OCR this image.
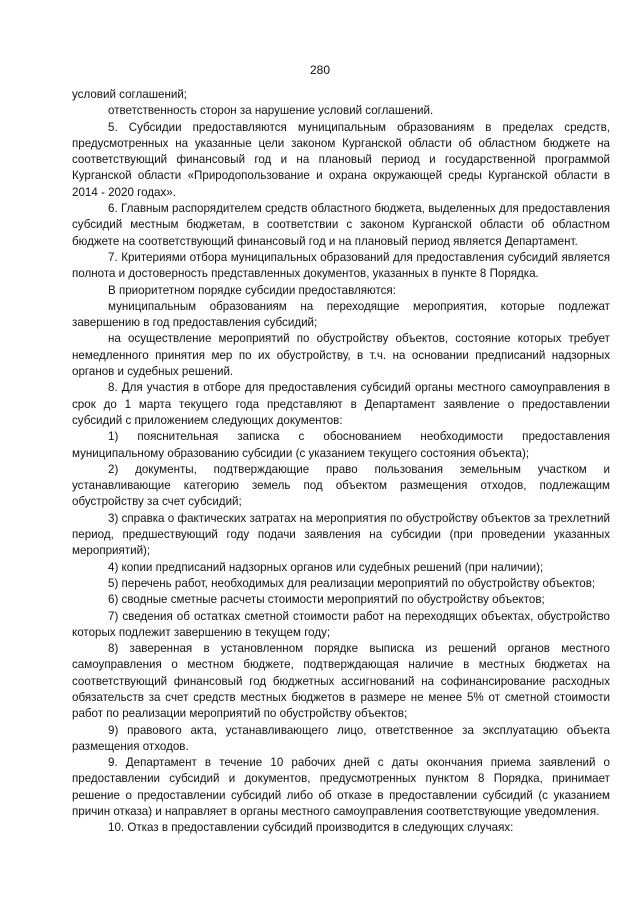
280

условий соглашений;

ответственность сторон за нарушение условий соглашений.

5. Субсидии предоставляются муниципальным образованиям в пределах средств, предусмотренных на указанные цели законом Курганской области об областном бюджете на соответствующий финансовый год и на плановый период и государственной программой Курганской области «Природопользование и охрана окружающей среды Курганской области в 2014 - 2020 годах».

6. Главным распорядителем средств областного бюджета, выделенных для предоставления субсидий местным бюджетам, в соответствии с законом Курганской области об областном бюджете на соответствующий финансовый год и на плановый период является Департамент.

7. Критериями отбора муниципальных образований для предоставления субсидий является полнота и достоверность представленных документов, указанных в пункте 8 Порядка.

В приоритетном порядке субсидии предоставляются:

муниципальным образованиям на переходящие мероприятия, которые подлежат завершению в год предоставления субсидий;

на осуществление мероприятий по обустройству объектов, состояние которых требует немедленного принятия мер по их обустройству, в т.ч. на основании предписаний надзорных органов и судебных решений.

8. Для участия в отборе для предоставления субсидий органы местного самоуправления в срок до 1 марта текущего года представляют в Департамент заявление о предоставлении субсидий с приложением следующих документов:

1) пояснительная записка с обоснованием необходимости предоставления муниципальному образованию субсидии (с указанием текущего состояния объекта);

2) документы, подтверждающие право пользования земельным участком и устанавливающие категорию земель под объектом размещения отходов, подлежащим обустройству за счет субсидий;

3) справка о фактических затратах на мероприятия по обустройству объектов за трехлетний период, предшествующий году подачи заявления на субсидии (при проведении указанных мероприятий);

4) копии предписаний надзорных органов или судебных решений (при наличии);

5) перечень работ, необходимых для реализации мероприятий по обустройству объектов;

6) сводные сметные расчеты стоимости мероприятий по обустройству объектов;

7) сведения об остатках сметной стоимости работ на переходящих объектах, обустройство которых подлежит завершению в текущем году;

8) заверенная в установленном порядке выписка из решений органов местного самоуправления о местном бюджете, подтверждающая наличие в местных бюджетах на соответствующий финансовый год бюджетных ассигнований на софинансирование расходных обязательств за счет средств местных бюджетов в размере не менее 5% от сметной стоимости работ по реализации мероприятий по обустройству объектов;

9) правового акта, устанавливающего лицо, ответственное за эксплуатацию объекта размещения отходов.

9. Департамент в течение 10 рабочих дней с даты окончания приема заявлений о предоставлении субсидий и документов, предусмотренных пунктом 8 Порядка, принимает решение о предоставлении субсидий либо об отказе в предоставлении субсидий (с указанием причин отказа) и направляет в органы местного самоуправления соответствующие уведомления.

10. Отказ в предоставлении субсидий производится в следующих случаях:
